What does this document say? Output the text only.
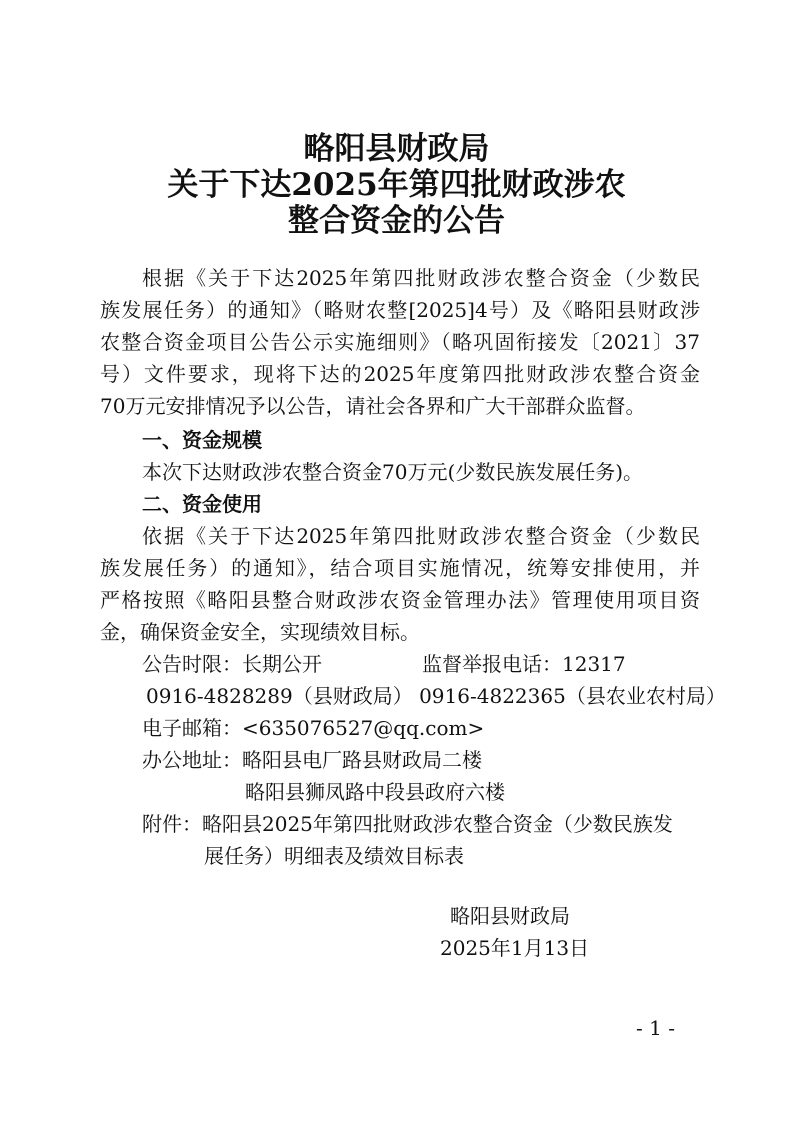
略阳县财政局
关于下达2025年第四批财政涉农
整合资金的公告
根据《关于下达2025年第四批财政涉农整合资金（少数民
族发展任务）的通知》（略财农整[2025]4号）及《略阳县财政涉
农整合资金项目公告公示实施细则》（略巩固衔接发〔2021〕37
号）文件要求，现将下达的2025年度第四批财政涉农整合资金
70万元安排情况予以公告，请社会各界和广大干部群众监督。
一、资金规模
本次下达财政涉农整合资金70万元(少数民族发展任务)。
二、资金使用
依据《关于下达2025年第四批财政涉农整合资金（少数民
族发展任务）的通知》，结合项目实施情况，统筹安排使用，并
严格按照《略阳县整合财政涉农资金管理办法》管理使用项目资
金，确保资金安全，实现绩效目标。
公告时限：长期公开	监督举报电话：12317
0916-4828289（县财政局） 0916-4822365（县农业农村局）
电子邮箱：<635076527@qq.com>
办公地址：略阳县电厂路县财政局二楼
略阳县狮凤路中段县政府六楼
附件：略阳县2025年第四批财政涉农整合资金（少数民族发
展任务）明细表及绩效目标表
略阳县财政局
2025年1月13日
- 1 -
